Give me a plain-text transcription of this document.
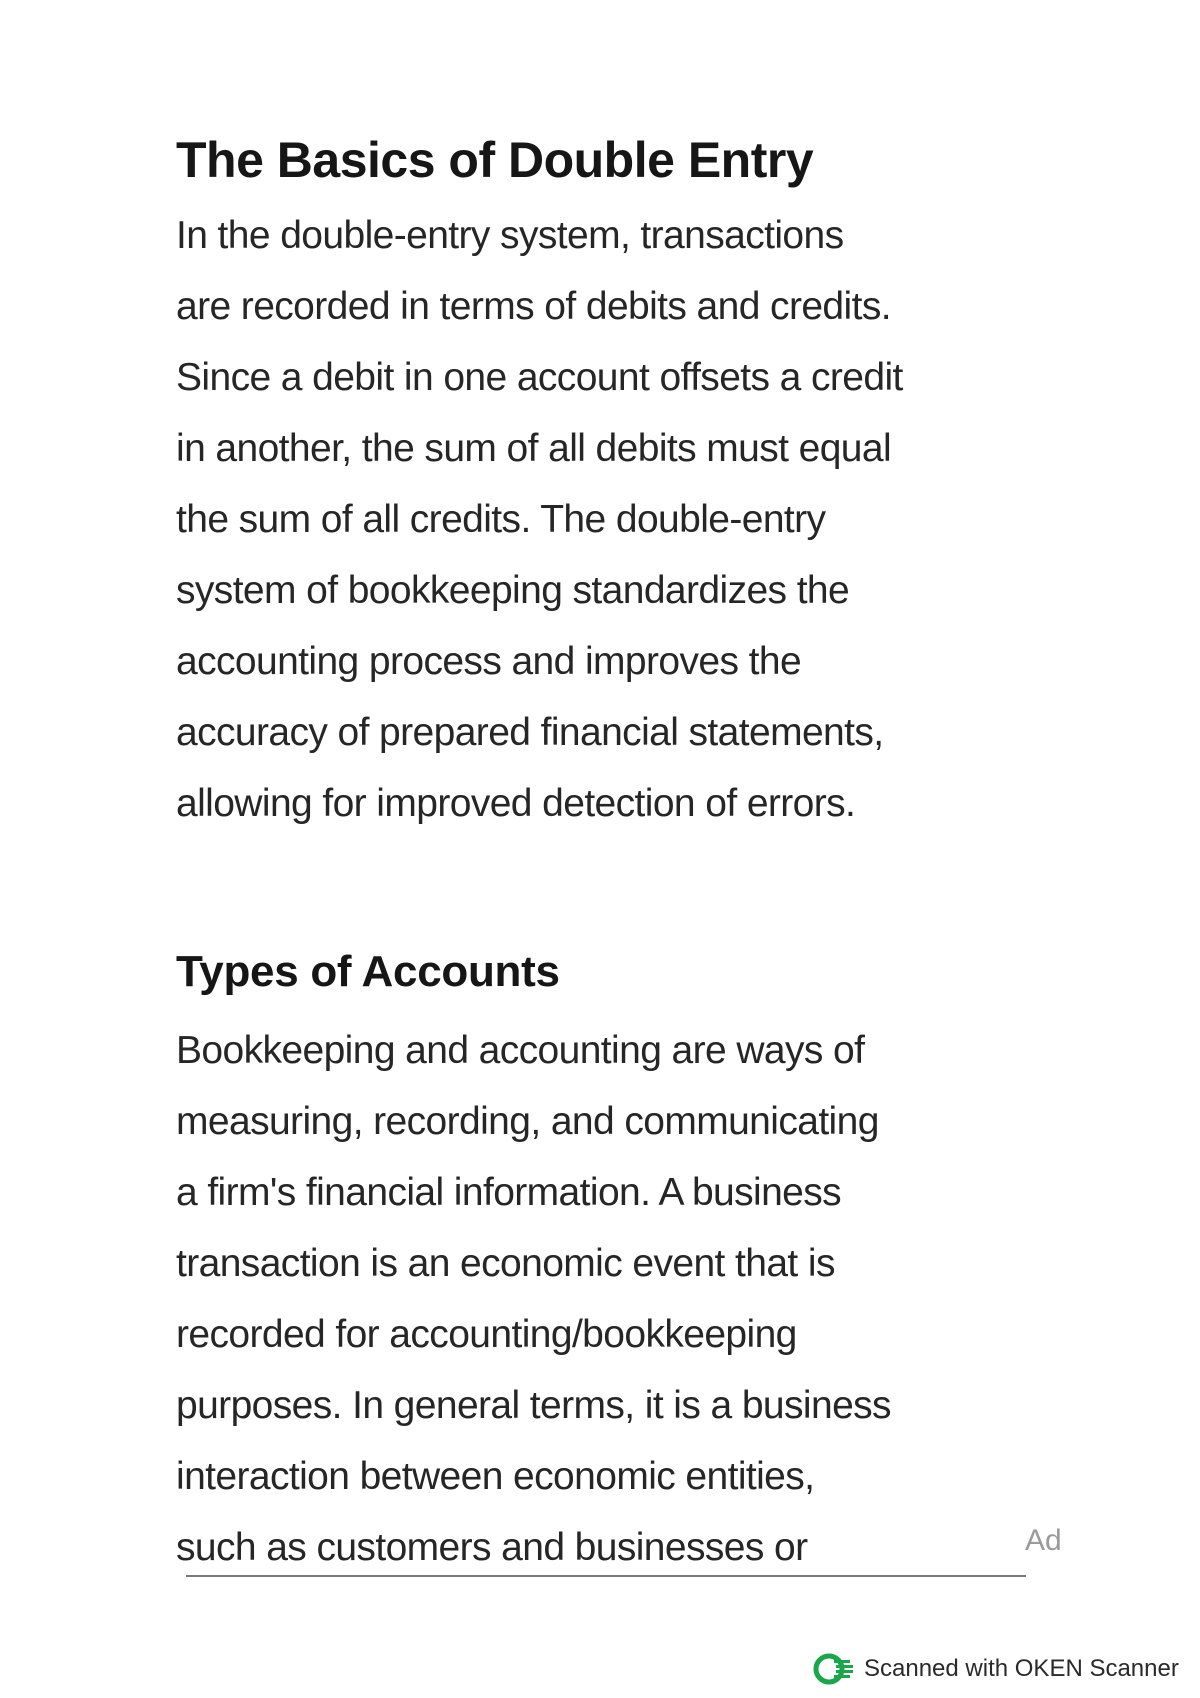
The Basics of Double Entry
In the double-entry system, transactions
are recorded in terms of debits and credits.
Since a debit in one account offsets a credit
in another, the sum of all debits must equal
the sum of all credits. The double-entry
system of bookkeeping standardizes the
accounting process and improves the
accuracy of prepared financial statements,
allowing for improved detection of errors.
Types of Accounts
Bookkeeping and accounting are ways of
measuring, recording, and communicating
a firm's financial information. A business
transaction is an economic event that is
recorded for accounting/bookkeeping
purposes. In general terms, it is a business
interaction between economic entities,
such as customers and businesses or	Ad
Scanned with OKEN Scanner
